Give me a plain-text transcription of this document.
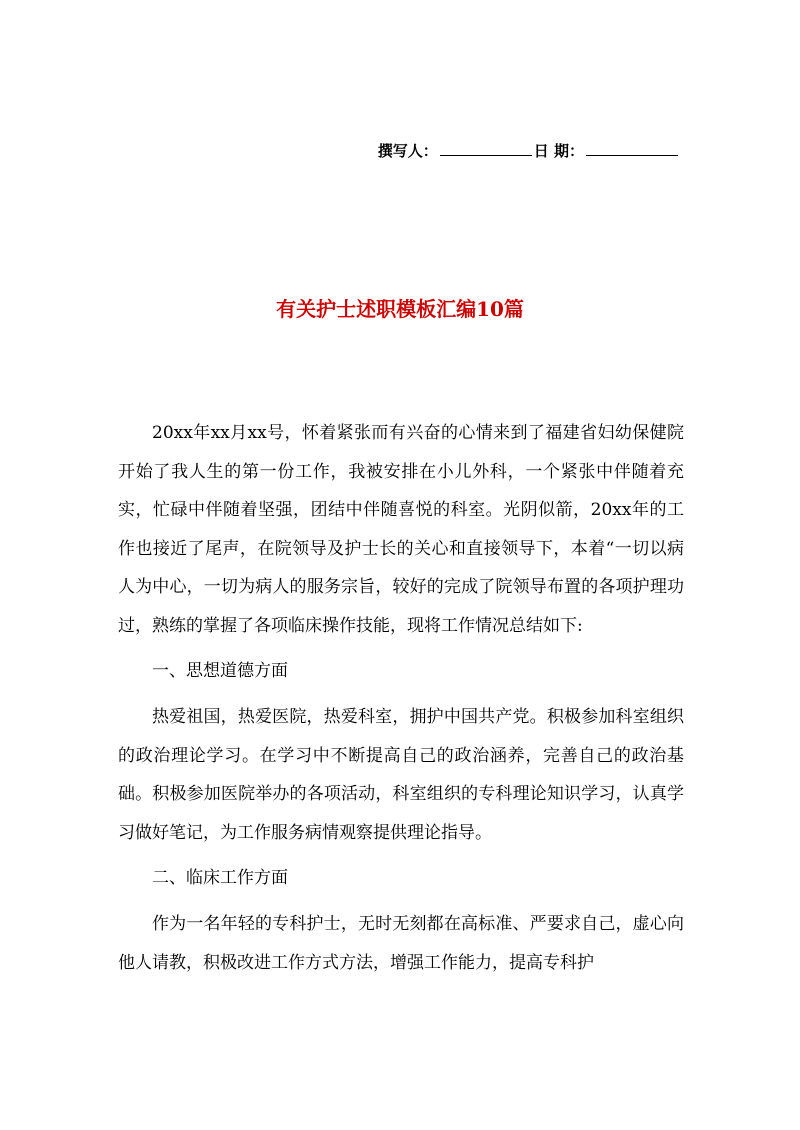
撰写人：	日 期：
有关护士述职模板汇编10篇

20xx年xx月xx号，怀着紧张而有兴奋的心情来到了福建省妇幼保健院开始了我人生的第一份工作，我被安排在小儿外科，一个紧张中伴随着充实，忙碌中伴随着坚强，团结中伴随喜悦的科室。光阴似箭，20xx年的工作也接近了尾声，在院领导及护士长的关心和直接领导下，本着“一切以病人为中心，一切为病人的服务宗旨，较好的完成了院领导布置的各项护理功过，熟练的掌握了各项临床操作技能，现将工作情况总结如下:

一、思想道德方面

热爱祖国，热爱医院，热爱科室，拥护中国共产党。积极参加科室组织的政治理论学习。在学习中不断提高自己的政治涵养，完善自己的政治基础。积极参加医院举办的各项活动，科室组织的专科理论知识学习，认真学习做好笔记，为工作服务病情观察提供理论指导。

二、临床工作方面

作为一名年轻的专科护士，无时无刻都在高标准、严要求自己，虚心向他人请教，积极改进工作方式方法，增强工作能力，提高专科护
